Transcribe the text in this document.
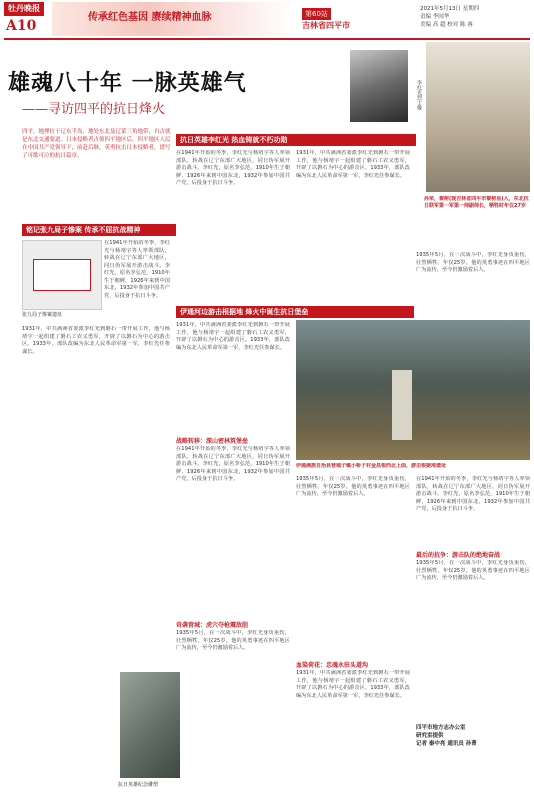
牡丹晚报
A10
传承红色基因 赓续精神血脉	第60站
吉林省四平市
2021年5月13日 星期四
责编 李国华
美编 高 超 校对 陈 睿
雄魂八十年 一脉英雄气
——寻访四平的抗日烽火	李红光烈士像
孙荣，黎树(现吉林省四平市黎树县)人，东北抗日联军第一军第一师副师长，牺牲时年仅27岁
四平，地理位于辽东半岛，地处东北及辽蒙三角地带，自古就是东北交通要道。日本侵略者占领四平地区后，四平地区人民在中国共产党领导下，前赴后继，英勇抗击日本侵略者，谱写了可歌可泣的抗日篇章。
铭记张九局子惨案 传承不屈抗战精神
张九局子惨案遗址
在1941年开始的冬季，李红光与杨靖宇等人率领部队，转战在辽宁东部广大地区，同日伪军展开游击战斗。李红光，原名李弘范，1910年生于朝鲜，1926年来到中国东北，1932年参加中国共产党，后投身于抗日斗争。
1931年，中共满洲省委派李红光到磐石一带开展工作，他与杨靖宇一起组建了磐石工农义勇军，开辟了以磐石为中心的游击区。1933年，部队改编为东北人民革命军第一军，李红光任参谋长。
抗日英雄纪念雕塑
抗日英雄李红光 热血铸就不朽功勋
在1941年开始的冬季，李红光与杨靖宇等人率领部队，转战在辽宁东部广大地区，同日伪军展开游击战斗。李红光，原名李弘范，1910年生于朝鲜，1926年来到中国东北，1932年参加中国共产党，后投身于抗日斗争。
1931年，中共满洲省委派李红光到磐石一带开展工作，他与杨靖宇一起组建了磐石工农义勇军，开辟了以磐石为中心的游击区。1933年，部队改编为东北人民革命军第一军，李红光任参谋长。
1935年5月，在一次战斗中，李红光身负重伤，壮烈牺牲，年仅25岁。他的英勇事迹在四平地区广为流传，至今仍激励着后人。
伊通河边游击根据地 烽火中诞生抗日堡垒
1931年，中共满洲省委派李红光到磐石一带开展工作，他与杨靖宇一起组建了磐石工农义勇军，开辟了以磐石为中心的游击区。1933年，部队改编为东北人民革命军第一军，李红光任参谋长。
战略转移：深山密林筑堡垒
在1941年开始的冬季，李红光与杨靖宇等人率领部队，转战在辽宁东部广大地区，同日伪军展开游击战斗。李红光，原名李弘范，1910年生于朝鲜，1926年来到中国东北，1932年参加中国共产党，后投身于抗日斗争。
奇袭营城：虎穴夺枪震敌胆
1935年5月，在一次战斗中，李红光身负重伤，壮烈牺牲，年仅25岁。他的英勇事迹在四平地区广为流传，至今仍激励着后人。
伊通满族自治县营城子镇小桥子村金昌根西北上面，游击根据地遗址
1935年5月，在一次战斗中，李红光身负重伤，壮烈牺牲，年仅25岁。他的英勇事迹在四平地区广为流传，至今仍激励着后人。
血染荷花：忠魂永驻头道沟
1931年，中共满洲省委派李红光到磐石一带开展工作，他与杨靖宇一起组建了磐石工农义勇军，开辟了以磐石为中心的游击区。1933年，部队改编为东北人民革命军第一军，李红光任参谋长。
在1941年开始的冬季，李红光与杨靖宇等人率领部队，转战在辽宁东部广大地区，同日伪军展开游击战斗。李红光，原名李弘范，1910年生于朝鲜，1926年来到中国东北，1932年参加中国共产党，后投身于抗日斗争。
最后的抗争：游击队的绝地奋战
1935年5月，在一次战斗中，李红光身负重伤，壮烈牺牲，年仅25岁。他的英勇事迹在四平地区广为流传，至今仍激励着后人。
四平市地方志办公室
研究室提供
记者 秦中亮 通讯员 孙菁
